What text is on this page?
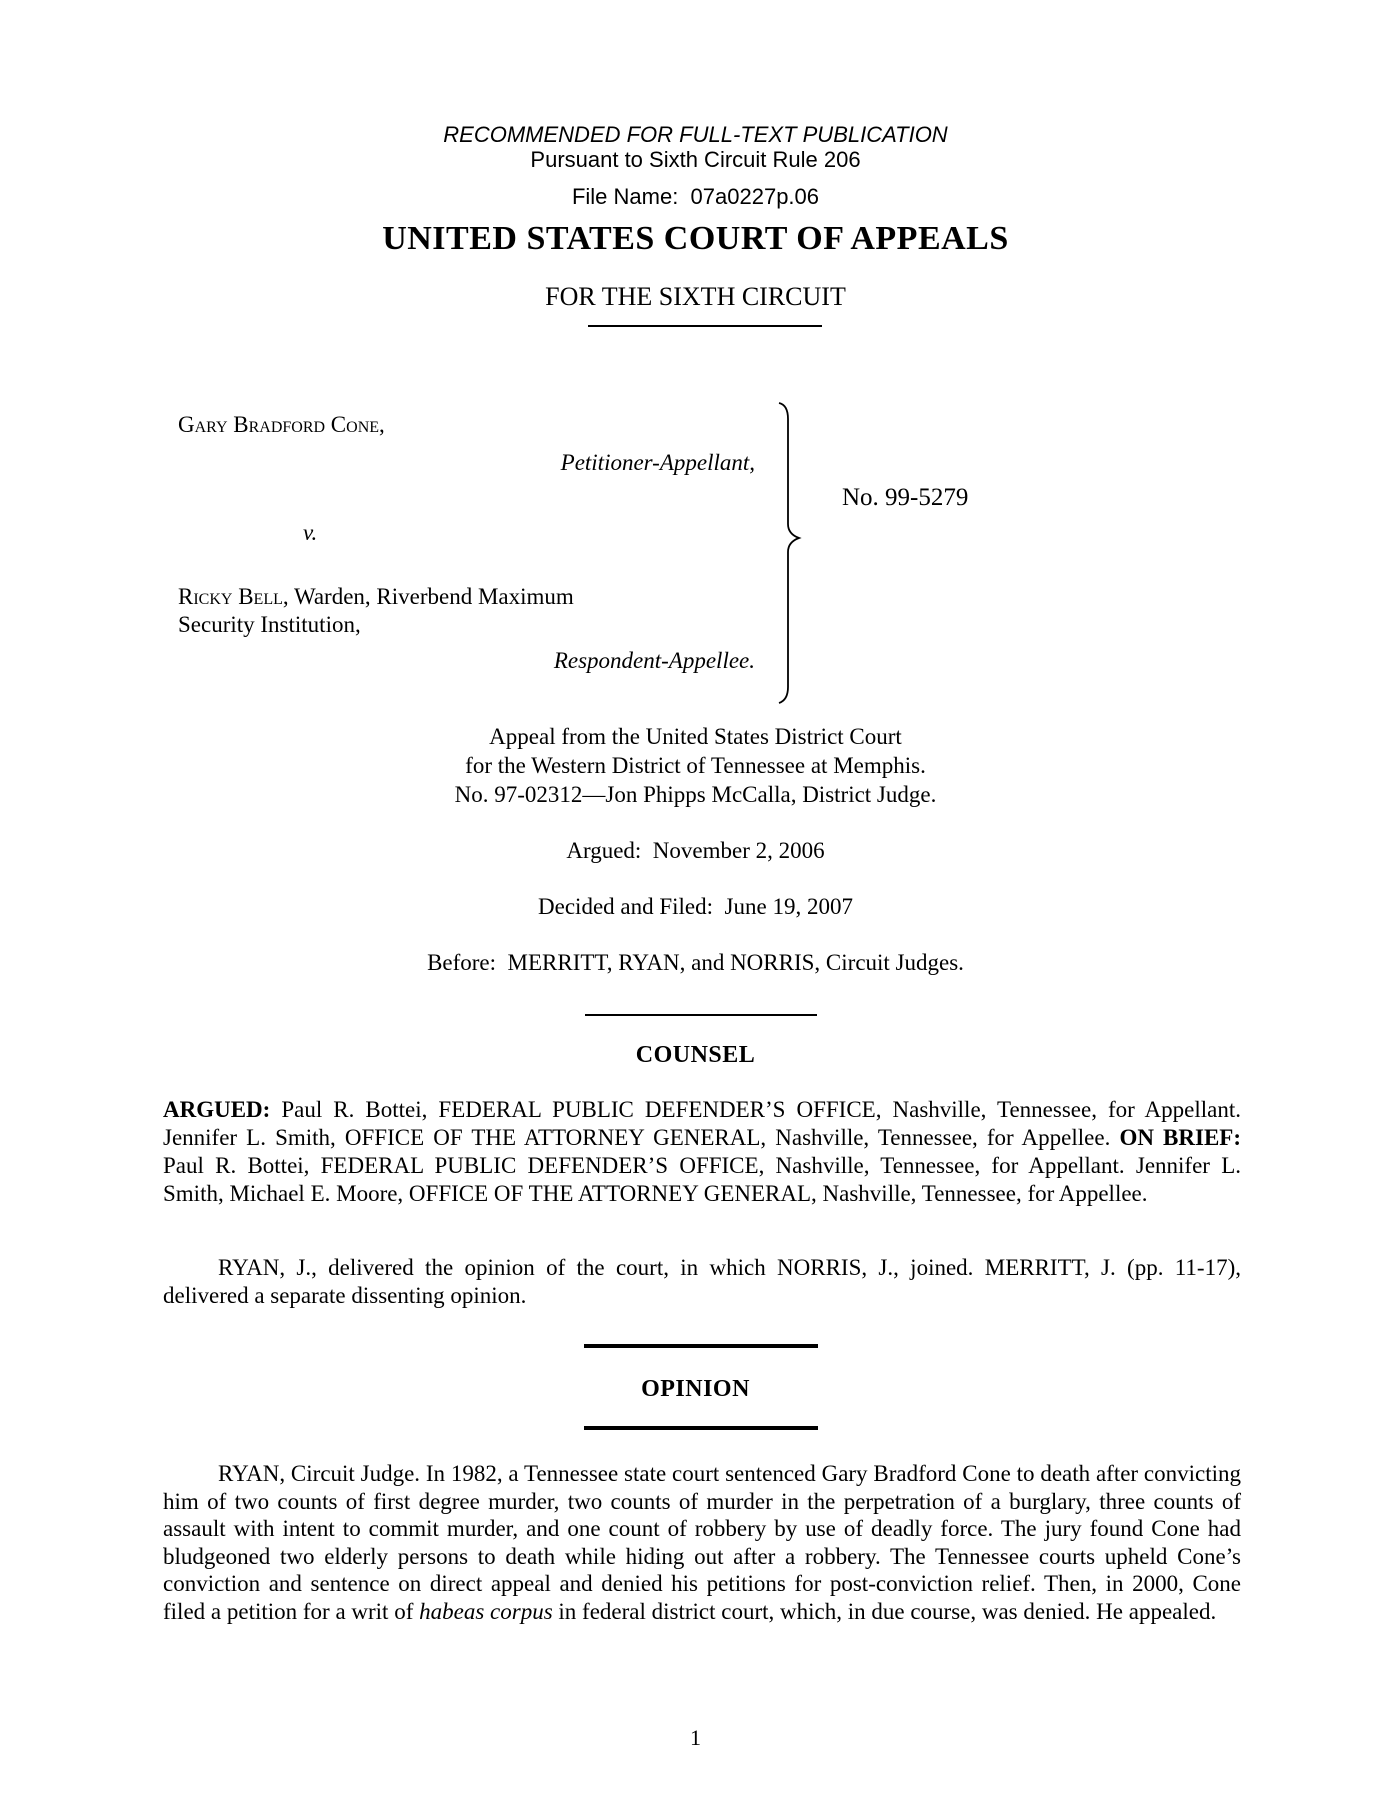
RECOMMENDED FOR FULL-TEXT PUBLICATION
Pursuant to Sixth Circuit Rule 206
File Name:  07a0227p.06
UNITED STATES COURT OF APPEALS
FOR THE SIXTH CIRCUIT
Gary Bradford Cone,
Petitioner-Appellant,
No. 99-5279
v.
Ricky Bell, Warden, Riverbend Maximum
Security Institution,
Respondent-Appellee.
Appeal from the United States District Court
for the Western District of Tennessee at Memphis.
No. 97-02312—Jon Phipps McCalla, District Judge.
Argued:  November 2, 2006
Decided and Filed:  June 19, 2007
Before:  MERRITT, RYAN, and NORRIS, Circuit Judges.
COUNSEL
ARGUED: Paul R. Bottei, FEDERAL PUBLIC DEFENDER’S OFFICE, Nashville, Tennessee, for Appellant. Jennifer L. Smith, OFFICE OF THE ATTORNEY GENERAL, Nashville, Tennessee, for Appellee. ON BRIEF: Paul R. Bottei, FEDERAL PUBLIC DEFENDER’S OFFICE, Nashville, Tennessee, for Appellant. Jennifer L. Smith, Michael E. Moore, OFFICE OF THE ATTORNEY GENERAL, Nashville, Tennessee, for Appellee.
RYAN, J., delivered the opinion of the court, in which NORRIS, J., joined. MERRITT, J. (pp. 11-17), delivered a separate dissenting opinion.
OPINION
RYAN, Circuit Judge. In 1982, a Tennessee state court sentenced Gary Bradford Cone to death after convicting him of two counts of first degree murder, two counts of murder in the perpetration of a burglary, three counts of assault with intent to commit murder, and one count of robbery by use of deadly force. The jury found Cone had bludgeoned two elderly persons to death while hiding out after a robbery. The Tennessee courts upheld Cone’s conviction and sentence on direct appeal and denied his petitions for post-conviction relief. Then, in 2000, Cone filed a petition for a writ of habeas corpus in federal district court, which, in due course, was denied. He appealed.
1
